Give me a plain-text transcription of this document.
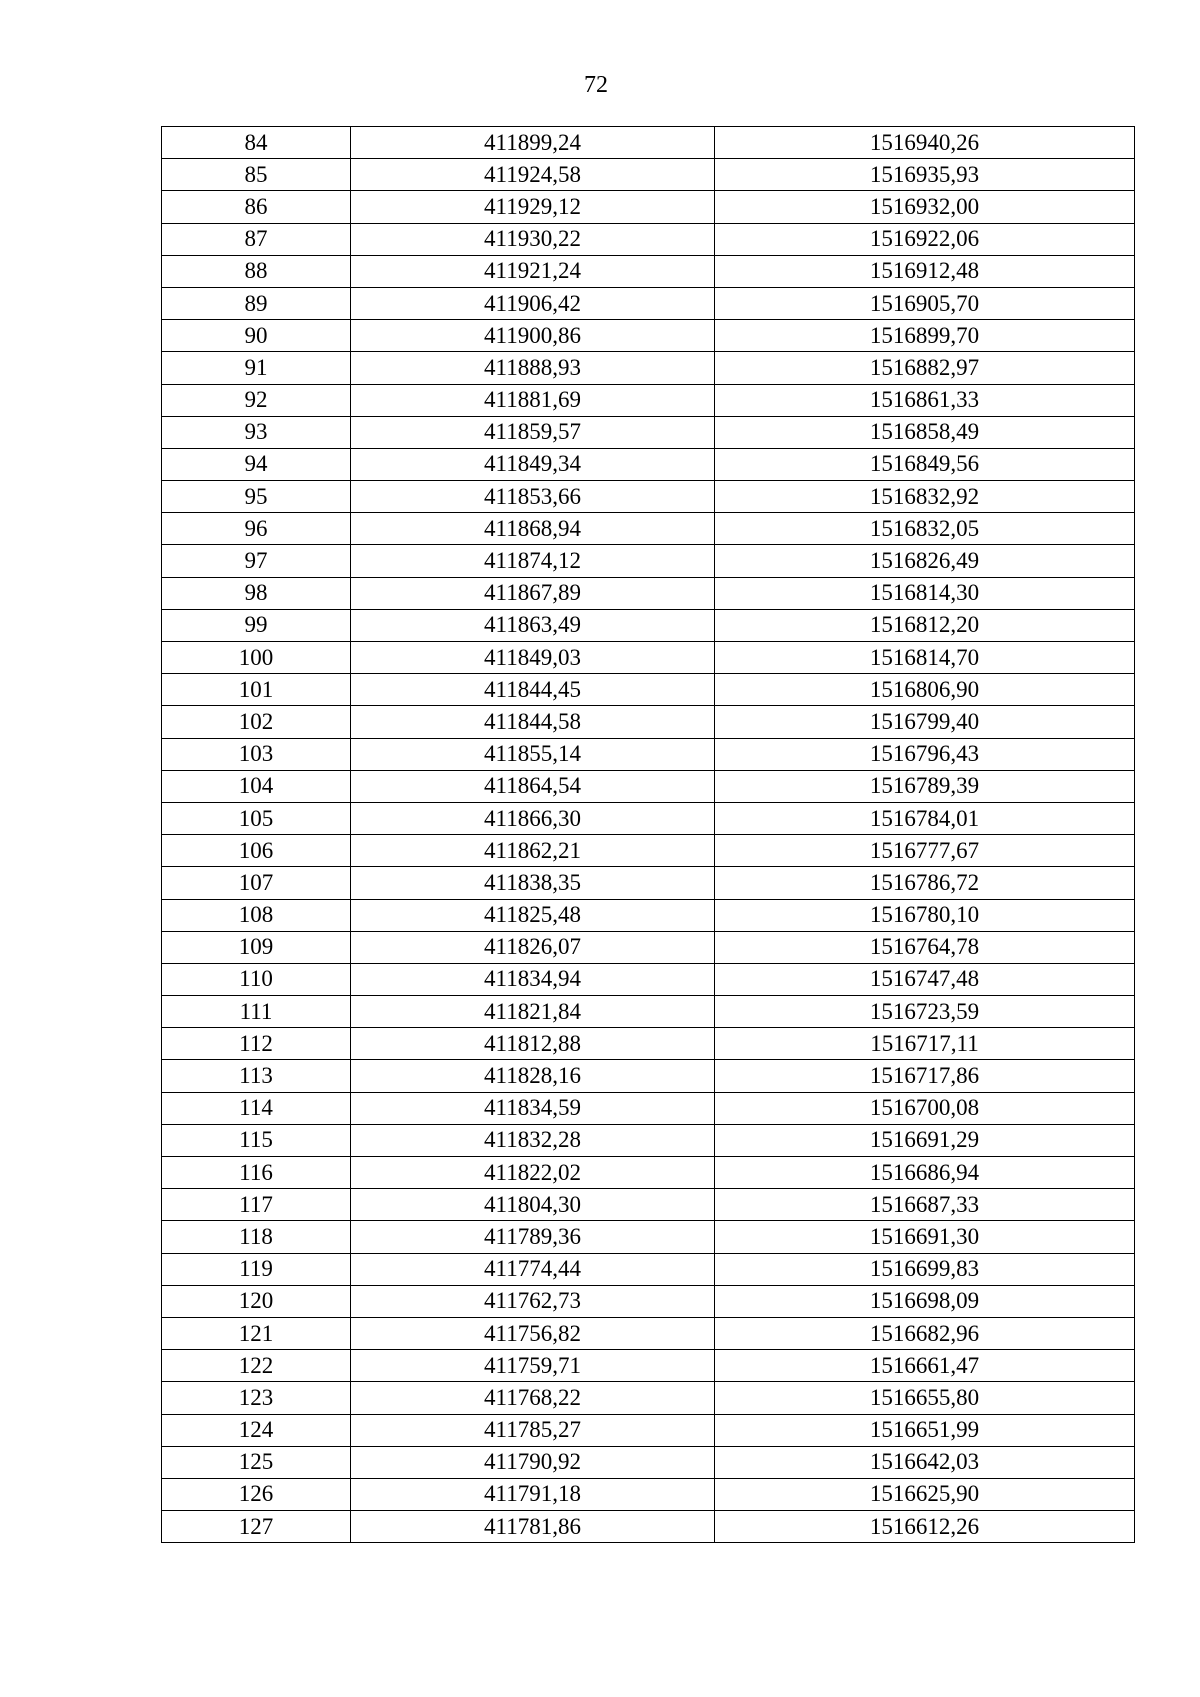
72
84	411899,24	1516940,26
85	411924,58	1516935,93
86	411929,12	1516932,00
87	411930,22	1516922,06
88	411921,24	1516912,48
89	411906,42	1516905,70
90	411900,86	1516899,70
91	411888,93	1516882,97
92	411881,69	1516861,33
93	411859,57	1516858,49
94	411849,34	1516849,56
95	411853,66	1516832,92
96	411868,94	1516832,05
97	411874,12	1516826,49
98	411867,89	1516814,30
99	411863,49	1516812,20
100	411849,03	1516814,70
101	411844,45	1516806,90
102	411844,58	1516799,40
103	411855,14	1516796,43
104	411864,54	1516789,39
105	411866,30	1516784,01
106	411862,21	1516777,67
107	411838,35	1516786,72
108	411825,48	1516780,10
109	411826,07	1516764,78
110	411834,94	1516747,48
111	411821,84	1516723,59
112	411812,88	1516717,11
113	411828,16	1516717,86
114	411834,59	1516700,08
115	411832,28	1516691,29
116	411822,02	1516686,94
117	411804,30	1516687,33
118	411789,36	1516691,30
119	411774,44	1516699,83
120	411762,73	1516698,09
121	411756,82	1516682,96
122	411759,71	1516661,47
123	411768,22	1516655,80
124	411785,27	1516651,99
125	411790,92	1516642,03
126	411791,18	1516625,90
127	411781,86	1516612,26
